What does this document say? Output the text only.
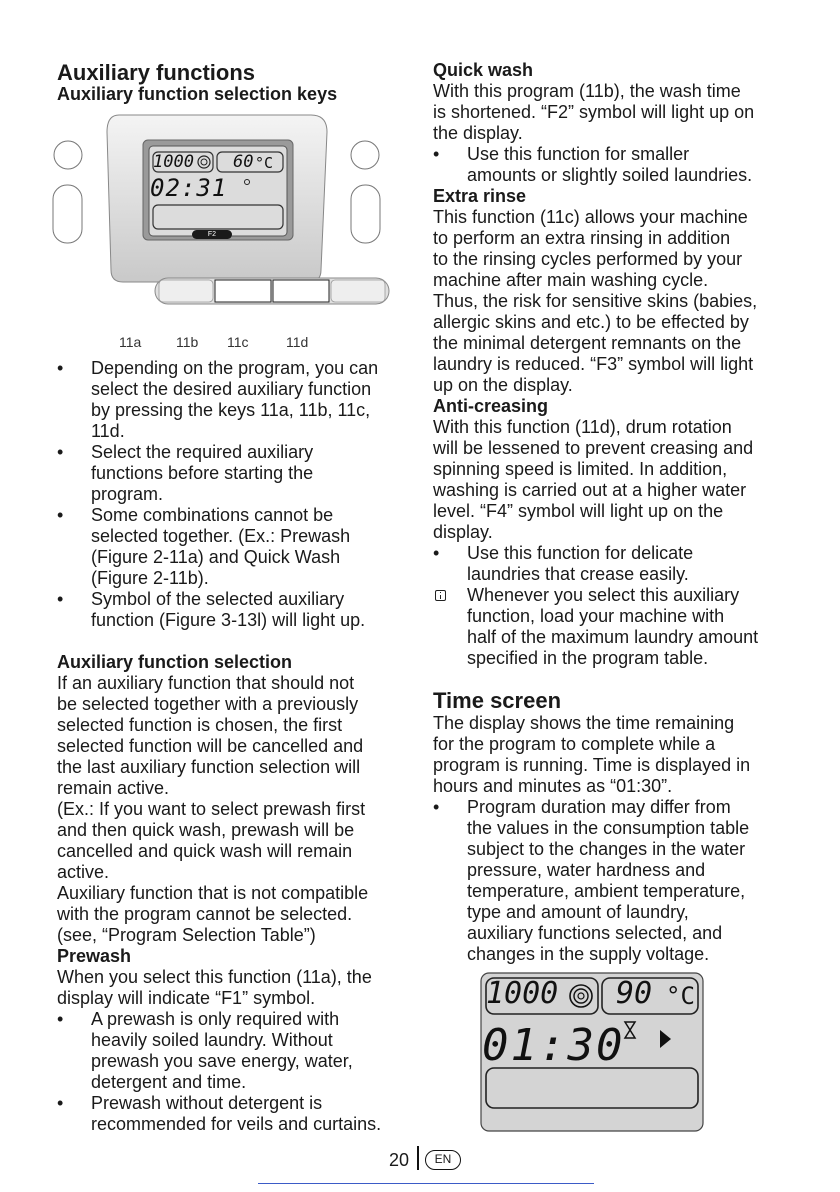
Auxiliary functions
Auxiliary function selection keys
1000 60 °C
02:31
F2
11a 11b 11c	11d
• Depending on the program, you can
select the desired auxiliary function
by pressing the keys 11a, 11b, 11c,
11d.
• Select the required auxiliary
functions before starting the
program.
• Some combinations cannot be
selected together. (Ex.: Prewash
(Figure 2-11a) and Quick Wash
(Figure 2-11b).
• Symbol of the selected auxiliary
function (Figure 3-13l) will light up.
Auxiliary function selection
If an auxiliary function that should not
be selected together with a previously
selected function is chosen, the first
selected function will be cancelled and
the last auxiliary function selection will
remain active.
(Ex.: If you want to select prewash first
and then quick wash, prewash will be
cancelled and quick wash will remain
active.
Auxiliary function that is not compatible
with the program cannot be selected.
(see, “Program Selection Table”)
Prewash
When you select this function (11a), the
display will indicate “F1” symbol.
• A prewash is only required with
heavily soiled laundry. Without
prewash you save energy, water,
detergent and time.
• Prewash without detergent is
recommended for veils and curtains.
Quick wash
With this program (11b), the wash time
is shortened. “F2” symbol will light up on
the display.
• Use this function for smaller
amounts or slightly soiled laundries.
Extra rinse
This function (11c) allows your machine
to perform an extra rinsing in addition
to the rinsing cycles performed by your
machine after main washing cycle.
Thus, the risk for sensitive skins (babies,
allergic skins and etc.) to be effected by
the minimal detergent remnants on the
laundry is reduced. “F3” symbol will light
up on the display.
Anti-creasing
With this function (11d), drum rotation
will be lessened to prevent creasing and
spinning speed is limited. In addition,
washing is carried out at a higher water
level. “F4” symbol will light up on the
display.
• Use this function for delicate
laundries that crease easily.
Whenever you select this auxiliary
function, load your machine with
half of the maximum laundry amount
specified in the program table.
Time screen
The display shows the time remaining
for the program to complete while a
program is running. Time is displayed in
hours and minutes as “01:30”.
• Program duration may differ from
the values in the consumption table
subject to the changes in the water
pressure, water hardness and
temperature, ambient temperature,
type and amount of laundry,
auxiliary functions selected, and
changes in the supply voltage.
1000 90 °C
01:30
20	EN
